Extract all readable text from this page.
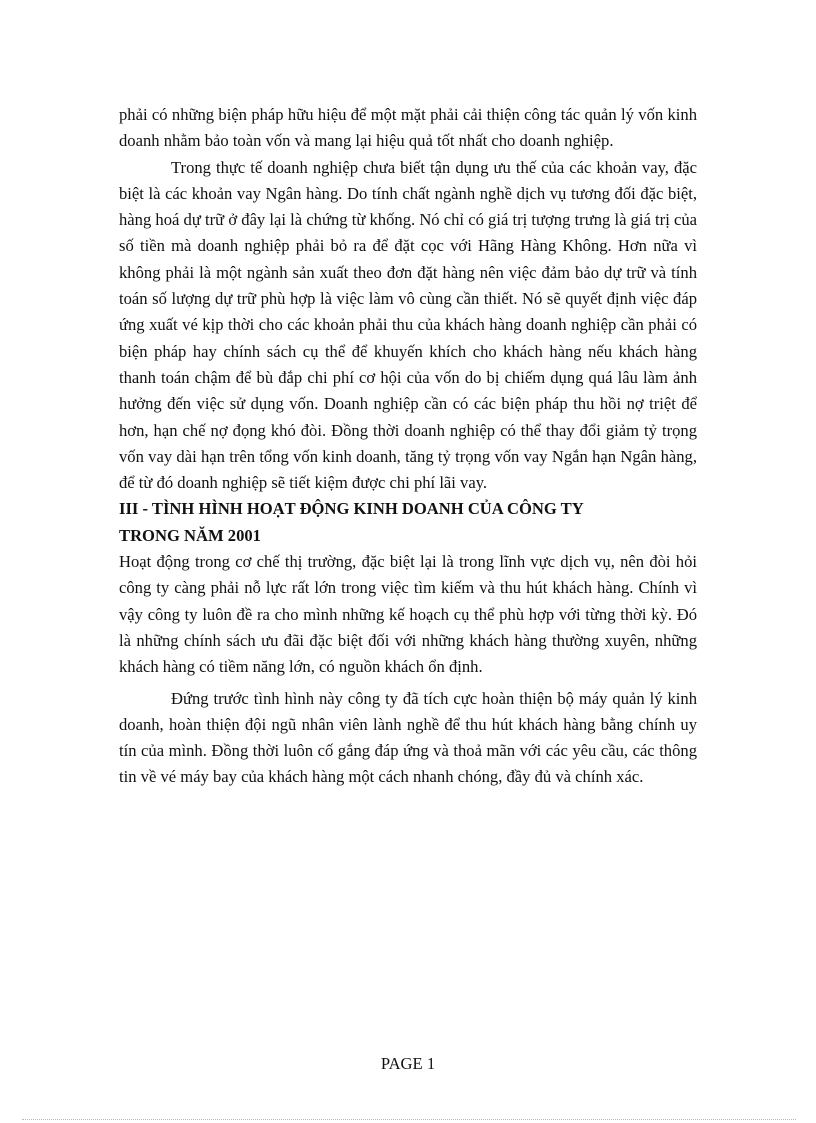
phải có những biện pháp hữu hiệu để một mặt phải cải thiện công tác quản lý vốn kinh doanh nhằm bảo toàn vốn và mang lại hiệu quả tốt nhất cho doanh nghiệp.

Trong thực tế doanh nghiệp chưa biết tận dụng ưu thế của các khoản vay, đặc biệt là các khoản vay Ngân hàng. Do tính chất ngành nghề dịch vụ tương đối đặc biệt, hàng hoá dự trữ ở đây lại là chứng từ khống. Nó chỉ có giá trị tượng trưng là giá trị của số tiền mà doanh nghiệp phải bỏ ra để đặt cọc với Hãng Hàng Không. Hơn nữa vì không phải là một ngành sản xuất theo đơn đặt hàng nên việc đảm bảo dự trữ và tính toán số lượng dự trữ phù hợp là việc làm vô cùng cần thiết. Nó sẽ quyết định việc đáp ứng xuất vé kịp thời cho các khoản phải thu của khách hàng doanh nghiệp cần phải có biện pháp hay chính sách cụ thể để khuyến khích cho khách hàng nếu khách hàng thanh toán chậm để bù đắp chi phí cơ hội của vốn do bị chiếm dụng quá lâu làm ảnh hưởng đến việc sử dụng vốn. Doanh nghiệp cần có các biện pháp thu hồi nợ triệt để hơn, hạn chế nợ đọng khó đòi. Đồng thời doanh nghiệp có thể thay đổi giảm tỷ trọng vốn vay dài hạn trên tổng vốn kinh doanh, tăng tỷ trọng vốn vay Ngắn hạn Ngân hàng, để từ đó doanh nghiệp sẽ tiết kiệm được chi phí lãi vay.

III - TÌNH HÌNH HOẠT ĐỘNG KINH DOANH CỦA CÔNG TY
TRONG NĂM 2001

Hoạt động trong cơ chế thị trường, đặc biệt lại là trong lĩnh vực dịch vụ, nên đòi hỏi công ty càng phải nỗ lực rất lớn trong việc tìm kiếm và thu hút khách hàng. Chính vì vậy công ty luôn đề ra cho mình những kế hoạch cụ thể phù hợp với từng thời kỳ. Đó là những chính sách ưu đãi đặc biệt đối với những khách hàng thường xuyên, những khách hàng có tiềm năng lớn, có nguồn khách ổn định.

Đứng trước tình hình này công ty đã tích cực hoàn thiện bộ máy quản lý kinh doanh, hoàn thiện đội ngũ nhân viên lành nghề để thu hút khách hàng bằng chính uy tín của mình. Đồng thời luôn cố gắng đáp ứng và thoả mãn với các yêu cầu, các thông tin về vé máy bay của khách hàng một cách nhanh chóng, đầy đủ và chính xác.

PAGE 1
